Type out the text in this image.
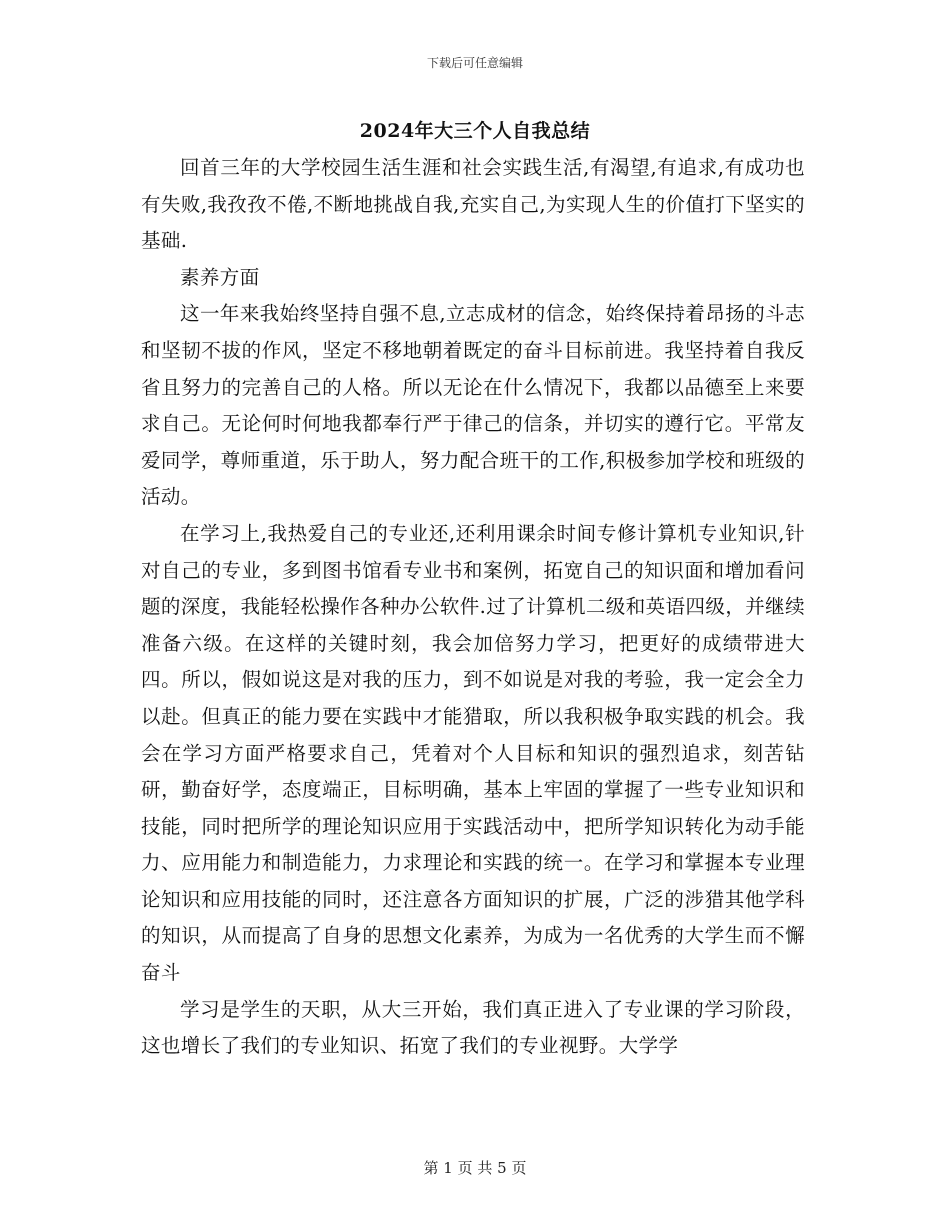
下载后可任意编辑
2024年大三个人自我总结

回首三年的大学校园生活生涯和社会实践生活,有渴望,有追求,有成功也有失败,我孜孜不倦,不断地挑战自我,充实自己,为实现人生的价值打下坚实的基础.

素养方面

这一年来我始终坚持自强不息,立志成材的信念，始终保持着昂扬的斗志和坚韧不拔的作风，坚定不移地朝着既定的奋斗目标前进。我坚持着自我反省且努力的完善自己的人格。所以无论在什么情况下，我都以品德至上来要求自己。无论何时何地我都奉行严于律己的信条，并切实的遵行它。平常友爱同学，尊师重道，乐于助人，努力配合班干的工作,积极参加学校和班级的活动。

在学习上,我热爱自己的专业还,还利用课余时间专修计算机专业知识,针对自己的专业，多到图书馆看专业书和案例，拓宽自己的知识面和增加看问题的深度，我能轻松操作各种办公软件.过了计算机二级和英语四级，并继续准备六级。在这样的关键时刻，我会加倍努力学习，把更好的成绩带进大四。所以，假如说这是对我的压力，到不如说是对我的考验，我一定会全力以赴。但真正的能力要在实践中才能猎取，所以我积极争取实践的机会。我会在学习方面严格要求自己，凭着对个人目标和知识的强烈追求，刻苦钻研，勤奋好学，态度端正，目标明确，基本上牢固的掌握了一些专业知识和技能，同时把所学的理论知识应用于实践活动中，把所学知识转化为动手能力、应用能力和制造能力，力求理论和实践的统一。在学习和掌握本专业理论知识和应用技能的同时，还注意各方面知识的扩展，广泛的涉猎其他学科的知识，从而提高了自身的思想文化素养，为成为一名优秀的大学生而不懈奋斗

学习是学生的天职，从大三开始，我们真正进入了专业课的学习阶段，这也增长了我们的专业知识、拓宽了我们的专业视野。大学学

第 1 页 共 5 页
